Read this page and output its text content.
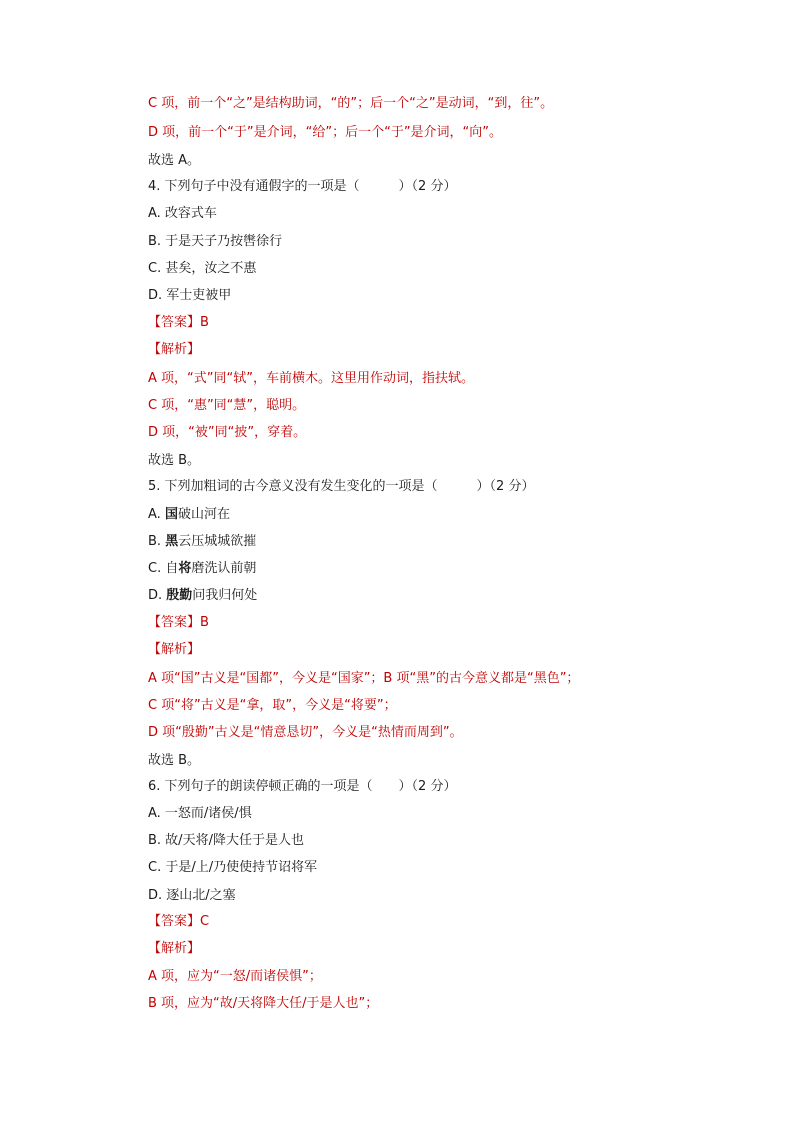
C 项，前一个“之”是结构助词，“的”；后一个“之”是动词，“到，往”。
D 项，前一个“于”是介词，“给”；后一个“于”是介词，“向”。
故选 A。
4. 下列句子中没有通假字的一项是（　　　）（2 分）
A. 改容式车
B. 于是天子乃按辔徐行
C. 甚矣，汝之不惠
D. 军士吏被甲
【答案】B
【解析】
A 项，“式”同“轼”，车前横木。这里用作动词，指扶轼。
C 项，“惠”同“慧”，聪明。
D 项，“被”同“披”，穿着。
故选 B。
5. 下列加粗词的古今意义没有发生变化的一项是（　　　）（2 分）
A. 国破山河在
B. 黑云压城城欲摧
C. 自将磨洗认前朝
D. 殷勤问我归何处
【答案】B
【解析】
A 项“国”古义是“国都”，今义是“国家”；B 项“黑”的古今意义都是“黑色”；
C 项“将”古义是“拿，取”，今义是“将要”；
D 项“殷勤”古义是“情意恳切”，今义是“热情而周到”。
故选 B。
6. 下列句子的朗读停顿正确的一项是（　　）（2 分）
A. 一怒而/诸侯/惧
B. 故/天将/降大任于是人也
C. 于是/上/乃使使持节诏将军
D. 逐山北/之塞
【答案】C
【解析】
A 项，应为“一怒/而诸侯惧”；
B 项，应为“故/天将降大任/于是人也”；
